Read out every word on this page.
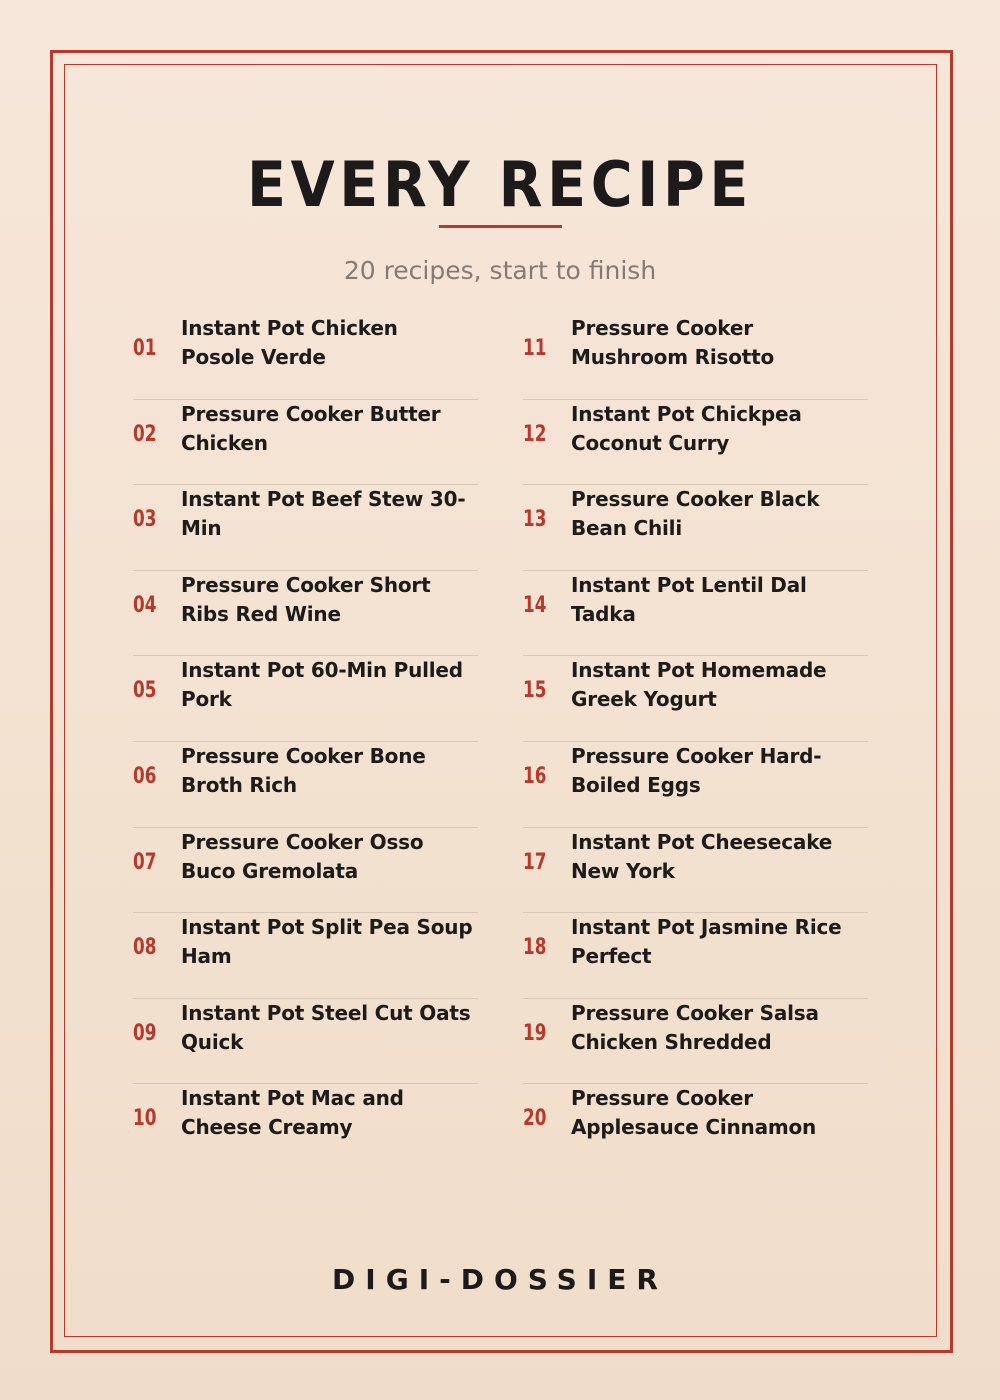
EVERY RECIPE
20 recipes, start to finish
01
Instant Pot Chicken
Posole Verde
02
Pressure Cooker Butter
Chicken
03
Instant Pot Beef Stew 30-
Min
04
Pressure Cooker Short
Ribs Red Wine
05
Instant Pot 60-Min Pulled
Pork
06
Pressure Cooker Bone
Broth Rich
07
Pressure Cooker Osso
Buco Gremolata
08
Instant Pot Split Pea Soup
Ham
09
Instant Pot Steel Cut Oats
Quick
10
Instant Pot Mac and
Cheese Creamy
11
Pressure Cooker
Mushroom Risotto
12
Instant Pot Chickpea
Coconut Curry
13
Pressure Cooker Black
Bean Chili
14
Instant Pot Lentil Dal
Tadka
15
Instant Pot Homemade
Greek Yogurt
16
Pressure Cooker Hard-
Boiled Eggs
17
Instant Pot Cheesecake
New York
18
Instant Pot Jasmine Rice
Perfect
19
Pressure Cooker Salsa
Chicken Shredded
20
Pressure Cooker
Applesauce Cinnamon
DIGI-DOSSIER
